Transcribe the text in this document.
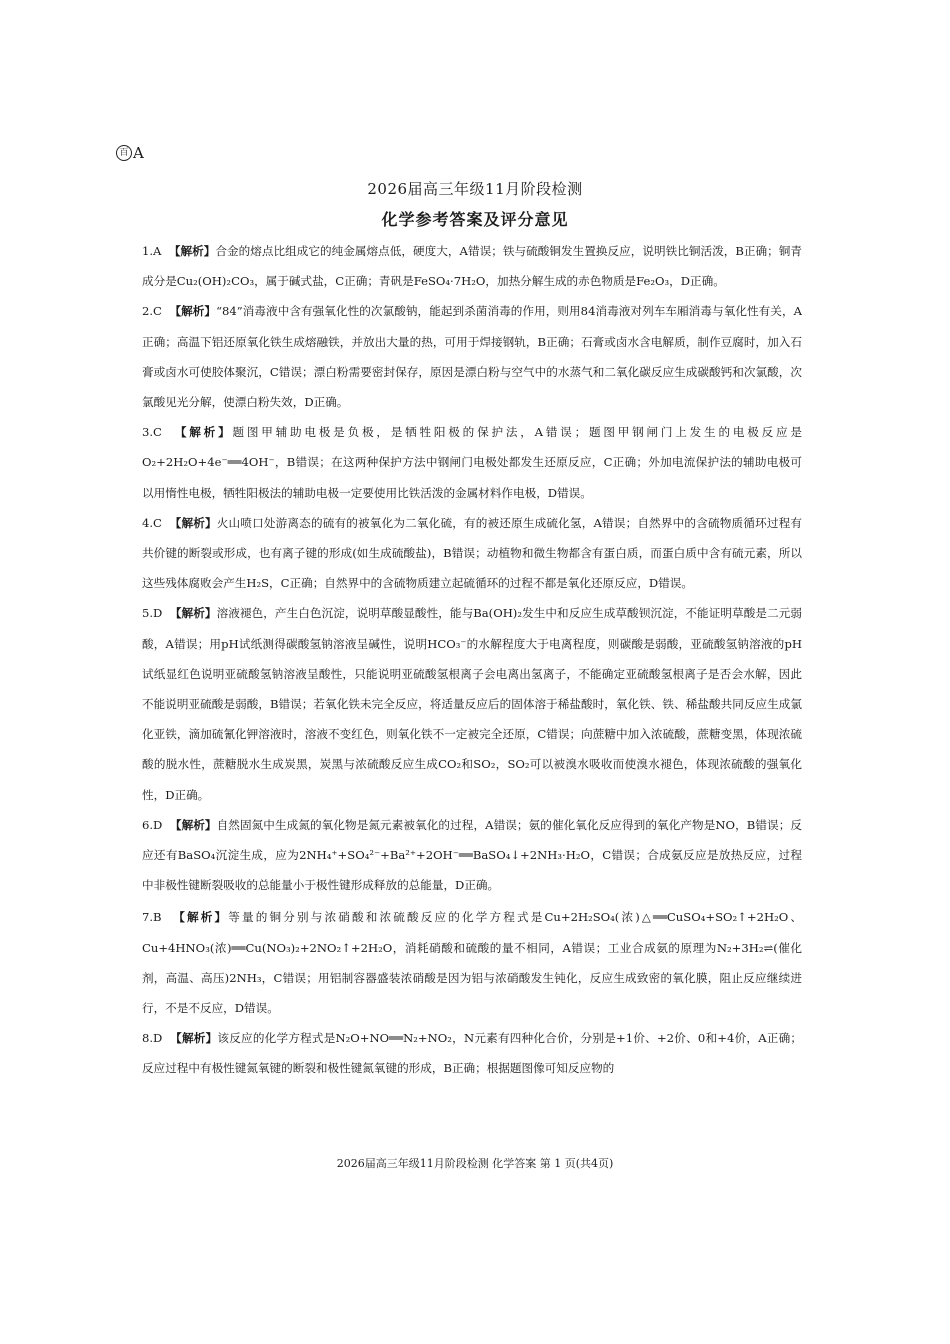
百 A
2026届高三年级11月阶段检测
化学参考答案及评分意见

1.A 【解析】合金的熔点比组成它的纯金属熔点低，硬度大，A错误；铁与硫酸铜发生置换反应，说明铁比铜活泼，B正确；铜青成分是Cu₂(OH)₂CO₃，属于碱式盐，C正确；青矾是FeSO₄·7H₂O，加热分解生成的赤色物质是Fe₂O₃，D正确。

2.C 【解析】“84”消毒液中含有强氧化性的次氯酸钠，能起到杀菌消毒的作用，则用84消毒液对列车车厢消毒与氧化性有关，A正确；高温下铝还原氧化铁生成熔融铁，并放出大量的热，可用于焊接钢轨，B正确；石膏或卤水含电解质，制作豆腐时，加入石膏或卤水可使胶体聚沉，C错误；漂白粉需要密封保存，原因是漂白粉与空气中的水蒸气和二氧化碳反应生成碳酸钙和次氯酸，次氯酸见光分解，使漂白粉失效，D正确。

3.C 【解析】题图甲辅助电极是负极，是牺牲阳极的保护法，A错误；题图甲钢闸门上发生的电极反应是O₂+2H₂O+4e⁻══4OH⁻，B错误；在这两种保护方法中钢闸门电极处都发生还原反应，C正确；外加电流保护法的辅助电极可以用惰性电极，牺牲阳极法的辅助电极一定要使用比铁活泼的金属材料作电极，D错误。

4.C 【解析】火山喷口处游离态的硫有的被氧化为二氧化硫，有的被还原生成硫化氢，A错误；自然界中的含硫物质循环过程有共价键的断裂或形成，也有离子键的形成(如生成硫酸盐)，B错误；动植物和微生物都含有蛋白质，而蛋白质中含有硫元素，所以这些残体腐败会产生H₂S，C正确；自然界中的含硫物质建立起硫循环的过程不都是氧化还原反应，D错误。

5.D 【解析】溶液褪色，产生白色沉淀，说明草酸显酸性，能与Ba(OH)₂发生中和反应生成草酸钡沉淀，不能证明草酸是二元弱酸，A错误；用pH试纸测得碳酸氢钠溶液呈碱性，说明HCO₃⁻的水解程度大于电离程度，则碳酸是弱酸，亚硫酸氢钠溶液的pH试纸显红色说明亚硫酸氢钠溶液呈酸性，只能说明亚硫酸氢根离子会电离出氢离子，不能确定亚硫酸氢根离子是否会水解，因此不能说明亚硫酸是弱酸，B错误；若氧化铁未完全反应，将适量反应后的固体溶于稀盐酸时，氧化铁、铁、稀盐酸共同反应生成氯化亚铁，滴加硫氰化钾溶液时，溶液不变红色，则氧化铁不一定被完全还原，C错误；向蔗糖中加入浓硫酸，蔗糖变黑，体现浓硫酸的脱水性，蔗糖脱水生成炭黑，炭黑与浓硫酸反应生成CO₂和SO₂，SO₂可以被溴水吸收而使溴水褪色，体现浓硫酸的强氧化性，D正确。

6.D 【解析】自然固氮中生成氮的氧化物是氮元素被氧化的过程，A错误；氨的催化氧化反应得到的氧化产物是NO，B错误；反应还有BaSO₄沉淀生成，应为2NH₄⁺+SO₄²⁻+Ba²⁺+2OH⁻══BaSO₄↓+2NH₃·H₂O，C错误；合成氨反应是放热反应，过程中非极性键断裂吸收的总能量小于极性键形成释放的总能量，D正确。

7.B 【解析】等量的铜分别与浓硝酸和浓硫酸反应的化学方程式是Cu+2H₂SO₄(浓)△══CuSO₄+SO₂↑+2H₂O、Cu+4HNO₃(浓)══Cu(NO₃)₂+2NO₂↑+2H₂O，消耗硝酸和硫酸的量不相同，A错误；工业合成氨的原理为N₂+3H₂⇌(催化剂，高温、高压)2NH₃，C错误；用铝制容器盛装浓硝酸是因为铝与浓硝酸发生钝化，反应生成致密的氧化膜，阻止反应继续进行，不是不反应，D错误。

8.D 【解析】该反应的化学方程式是N₂O+NO══N₂+NO₂，N元素有四种化合价，分别是+1价、+2价、0和+4价，A正确；反应过程中有极性键氮氧键的断裂和极性键氮氧键的形成，B正确；根据题图像可知反应物的

2026届高三年级11月阶段检测 化学答案 第 1 页(共4页)
